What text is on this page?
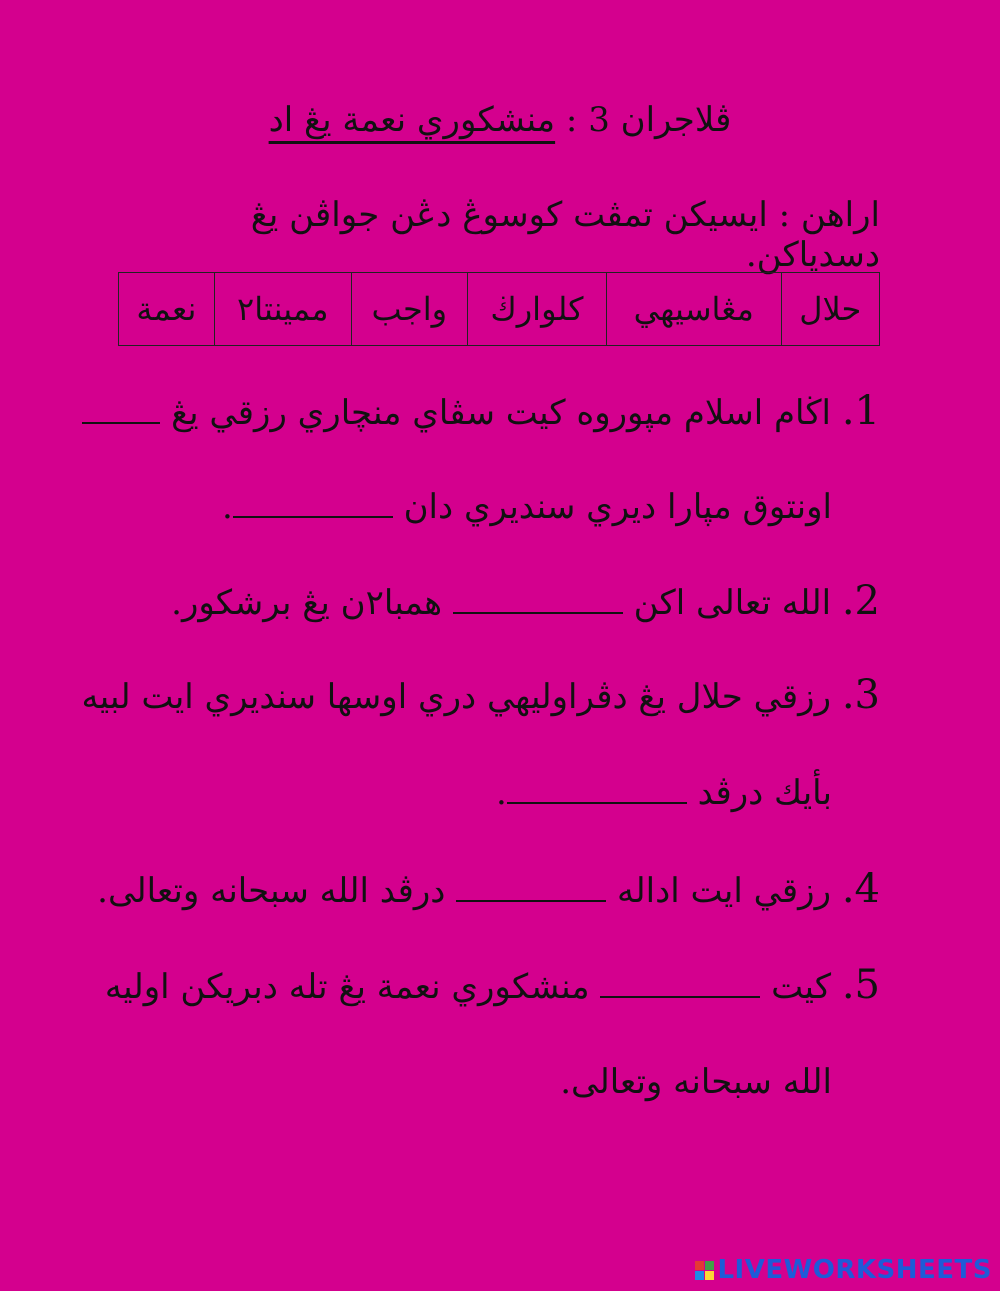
ڤلاجران 3 : منشکوري نعمة يڠ اد
اراهن : ايسيکن تمڤت کوسوڠ دڠن جواڤن يڠ دسدياکن.
حلال	مڠاسيهي	کلوارڬ	واجب	ممينتا٢	نعمة
1. اڬام اسلام مپوروه کيت سڤاي منچاري رزقي يڠ
اونتوق مپارا ديري سنديري دان .
2. الله تعالى اکن  همبا٢ن يڠ برشکور.
3. رزقي حلال يڠ دڤراوليهي دري اوسها سنديري ايت لبيه
بأيك درڤد .
4. رزقي ايت اداله  درڤد الله سبحانه وتعالى.
5. کيت  منشکوري نعمة يڠ تله دبريکن اوليه
الله سبحانه وتعالى.
LIVEWORKSHEETS
